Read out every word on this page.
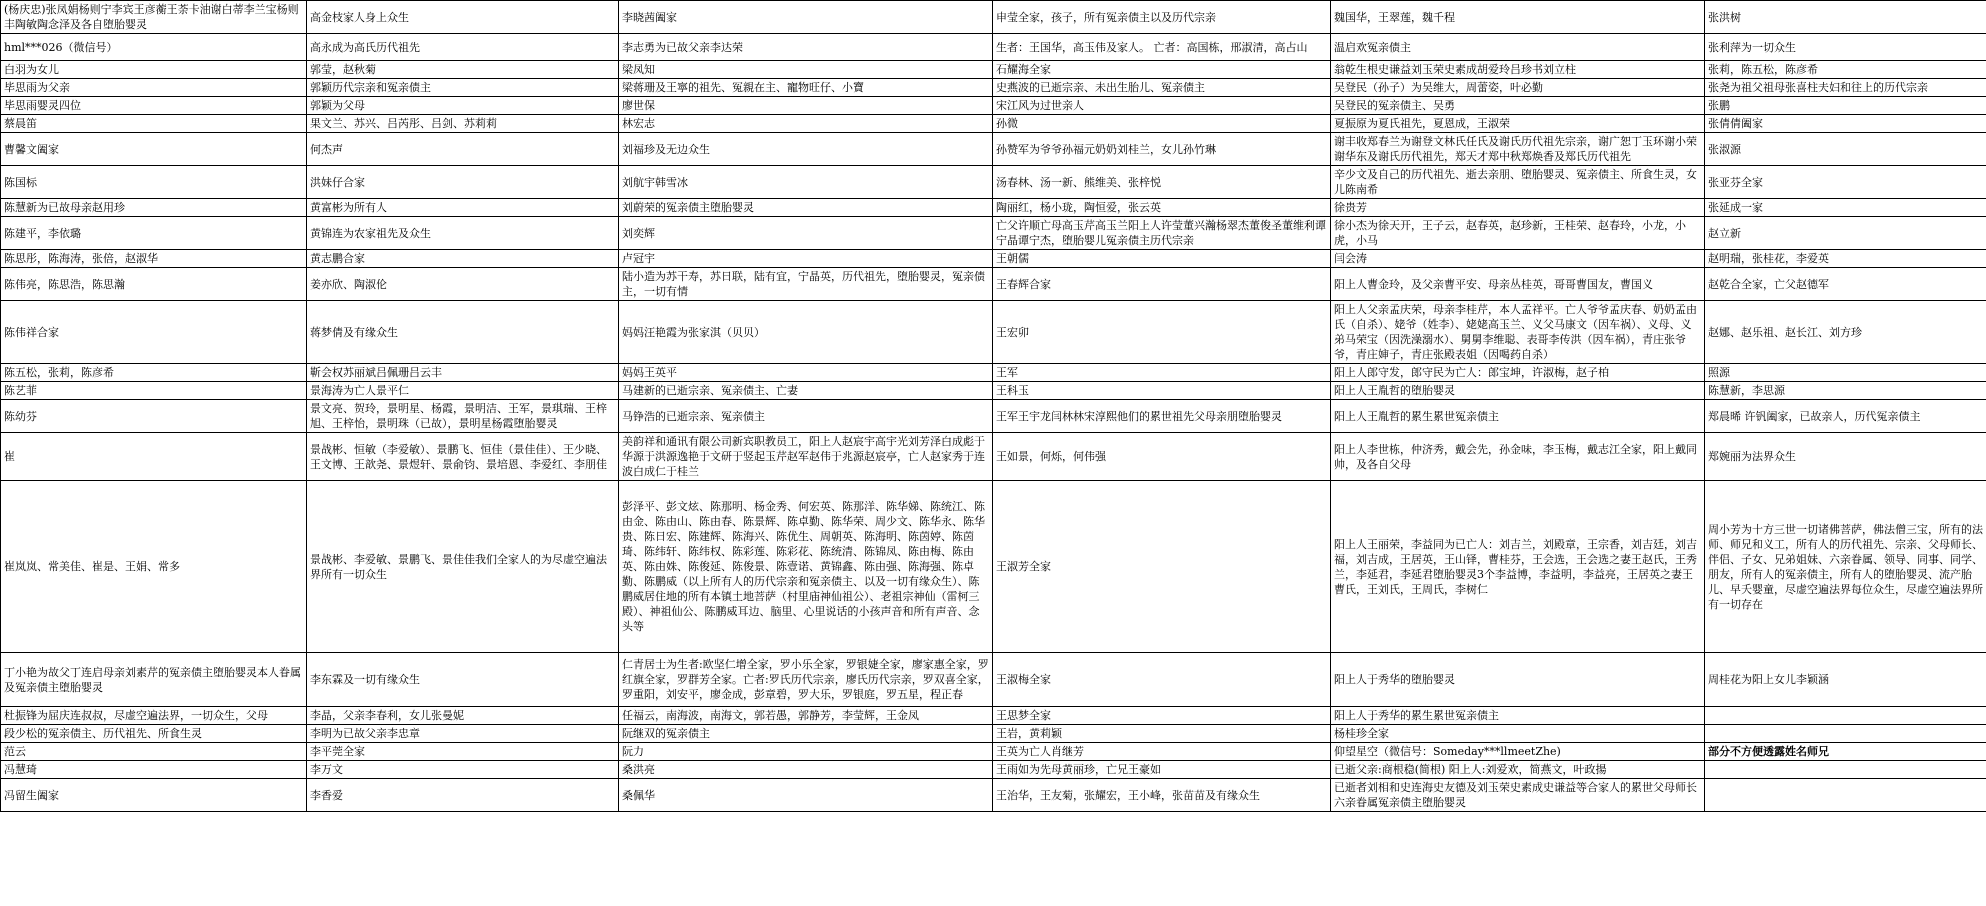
(杨庆忠)张凤娟杨则宁李宾王彦蘅王荼卡油谢白蒂李兰宝杨则丰陶敏陶念泽及各自堕胎婴灵	高金枝家人身上众生	李晓茜阖家	申莹全家，孩子，所有冤亲债主以及历代宗亲	魏国华，王翠莲，魏千程	张洪树
hml***026（微信号）	高永成为高氏历代祖先	李志勇为已故父亲李达荣	生者：王国华，高玉伟及家人。 亡者：高国栋，邢淑清，高占山	温启欢冤亲债主	张利萍为一切众生
白羽为女儿	郭莹，赵秋菊	梁凤知	石耀海全家	翁乾生根史谦益刘玉荣史素成胡爱玲吕珍书刘立柱	张莉，陈五松，陈彦希
毕思雨为父亲	郭颖历代宗亲和冤亲债主	梁蒋珊及王寧的祖先、冤親在主、寵物旺仔、小寶	史燕波的已逝宗亲、未出生胎儿、冤亲债主	吴登民（孙子）为吴维大，周蕾姿，叶必勤	张尧为祖父祖母张喜柱夫妇和往上的历代宗亲
毕思雨婴灵四位	郭颖为父母	廖世保	宋江风为过世亲人	吴登民的冤亲债主、吴勇	张鹏
蔡晨笛	果文兰、苏兴、吕芮彤、吕剑、苏莉莉	林宏志	孙微	夏振原为夏氏祖先，夏恩成，王淑荣	张倩倩阖家
曹馨文阖家	何杰声	刘福珍及无边众生	孙赞军为爷爷孙福元奶奶刘桂兰，女儿孙竹琳	谢丰收郑春兰为谢登文林氏任氏及谢氏历代祖先宗亲，谢广恕丁玉环谢小荣谢华东及谢氏历代祖先，郑天才郑中秋郑焕香及郑氏历代祖先	张淑源
陈国标	洪妹仔合家	刘航宇韩雪冰	汤春林、汤一新、熊维美、张梓悦	辛少文及自己的历代祖先、逝去亲朋、堕胎婴灵、冤亲债主、所食生灵，女儿陈南希	张亚芬全家
陈慧新为已故母亲赵用珍	黄富彬为所有人	刘蔚荣的冤亲债主堕胎婴灵	陶丽红，杨小珑，陶恒爱，张云英	徐贵芳	张延成一家
陈建平，李依璐	黄锦连为农家祖先及众生	刘奕辉	亡父许顺亡母高玉芹高玉兰阳上人许莹董兴瀚杨翠杰董俊圣董维利谭宁晶谭宁杰，堕胎婴儿冤亲债主历代宗亲	徐小杰为徐天开，王子云，赵春英，赵珍新，王桂荣、赵春玲，小龙，小虎，小马	赵立新
陈思彤，陈海涛，张倍，赵淑华	黄志鹏合家	卢冠宇	王朝儒	闫会涛	赵明瑞，张桂花，李爱英
陈伟亮，陈思浩，陈思瀚	姜亦欣、陶淑伦	陆小造为苏干寿，苏日联，陆有宜，宁晶英，历代祖先，堕胎婴灵，冤亲债主，一切有情	王春辉合家	阳上人曹金玲，及父亲曹平安、母亲丛桂英，哥哥曹国友，曹国义	赵乾合全家，亡父赵德军
陈伟祥合家	蒋梦倩及有缘众生	妈妈汪艳霞为张家淇（贝贝）	王宏卯	阳上人父亲孟庆荣，母亲李桂芹，本人孟祥平。亡人爷爷孟庆春、奶奶孟由氏（自杀）、姥爷（姓李）、姥姥高玉兰、义父马康文（因车祸）、义母、义弟马荣宝（因洗澡溺水）、舅舅李维聪、表哥李传洪（因车祸），青庄张爷爷，青庄婶子，青庄张殿表姐（因喝药自杀）	赵娜、赵乐祖、赵长江、刘方珍
陈五松，张莉，陈彦希	靳会权苏丽斌吕佩珊吕云丰	妈妈王英平	王军	阳上人郎守发，郎守民为亡人：郎宝坤，许淑梅，赵子柏	照源
陈艺菲	景海涛为亡人景平仁	马建新的已逝宗亲、冤亲债主、亡妻	王科玉	阳上人王胤哲的堕胎婴灵	陈慧新，李思源
陈幼芬	景文亮、贺玲，景明星、杨霞，景明洁、王军，景琪瑞、王梓旭、王梓怡，景明珠（已故），景明星杨霞堕胎婴灵	马铮浩的已逝宗亲、冤亲债主	王军王宇龙闫林林宋淳熙他们的累世祖先父母亲朋堕胎婴灵	阳上人王胤哲的累生累世冤亲债主	郑晨晞 许钒阖家，已故亲人，历代冤亲债主
崔	景战彬、恒敏（李爱敏）、景鹏飞、恒佳（景佳佳）、王少晓、王文博、王歆尧、景煜轩、景俞钧、景培恩、李爱红、李朋佳	美韵祥和通讯有限公司新宾职教员工，阳上人赵宸宇高宇光刘芳泽白成彪于华源于洪源逸艳于文研于竖起玉芹赵军赵伟于兆源赵宸亭，亡人赵家秀于连波白成仁于桂兰	王如景，何烁，何伟强	阳上人李世栋，仲济秀，戴会先，孙金味，李玉梅，戴志江全家，阳上戴同帅，及各自父母	郑婉丽为法界众生
崔岚岚、常美佳、崔是、王娟、常多	景战彬、李爱敏、景鹏飞、景佳佳我们全家人的为尽虚空遍法界所有一切众生	彭泽平、彭文炫、陈那明、杨金秀、何宏英、陈那洋、陈华娣、陈统江、陈由金、陈由山、陈由春、陈景辉、陈卓勤、陈华荣、周少文、陈华永、陈华贵、陈日宏、陈建辉、陈海兴、陈优生、周朝英、陈海明、陈茵婷、陈茵琦、陈纬轩、陈纬权、陈彩莲、陈彩花、陈统清、陈锦凤、陈由梅、陈由英、陈由姝、陈俊延、陈俊景、陈壹诺、黄锦鑫、陈由强、陈海强、陈卓勤、陈鹏威（以上所有人的历代宗亲和冤亲债主、以及一切有缘众生）、陈鹏威居住地的所有本镇土地菩萨（村里庙神仙祖公）、老祖宗神仙（雷柯三殿）、神祖仙公、陈鹏威耳边、脑里、心里说话的小孩声音和所有声音、念头等	王淑芳全家	阳上人王丽荣，李益同为已亡人：刘吉兰，刘殿章，王宗香，刘吉廷，刘吉福，刘吉成，王居英，王山铎，曹桂芬，王会选，王会选之妻王赵氏，王秀兰，李延君，李延君堕胎婴灵3个李益博，李益明，李益亮，王居英之妻王曹氏，王刘氏，王周氏，李树仁	周小芳为十方三世一切诸佛菩萨，佛法僧三宝，所有的法师、师兄和义工，所有人的历代祖先、宗亲、父母师长、伴侣、子女、兄弟姐妹、六亲眷属、领导、同事、同学、朋友，所有人的冤亲债主，所有人的堕胎婴灵、流产胎儿、早夭婴童，尽虚空遍法界每位众生，尽虚空遍法界所有一切存在
丁小艳为故父丁连启母亲刘素芹的冤亲债主堕胎婴灵本人眷属及冤亲债主堕胎婴灵	李东霖及一切有缘众生	仁青居士为生者:欧坚仁增全家，罗小乐全家，罗银婕全家，廖家惠全家，罗红旗全家，罗群芳全家。亡者:罗氏历代宗亲，廖氏历代宗亲，罗双喜全家，罗重阳，刘安平，廖金成，彭章碧，罗大乐，罗银庭，罗五星，程正春	王淑梅全家	阳上人于秀华的堕胎婴灵	周桂花为阳上女儿李颖涵
杜振锋为屈庆连叔叔，尽虚空遍法界，一切众生，父母	李晶，父亲李春利，女儿张曼妮	任福云，南海波，南海文，郭若愚，郭静芳，李莹辉，王金凤	王思梦全家	阳上人于秀华的累生累世冤亲债主	
段少松的冤亲债主、历代祖先、所食生灵	李明为已故父亲李忠章	阮继双的冤亲债主	王岩，黄莉颖	杨桂珍全家	
范云	李平莞全家	阮力	王英为亡人肖继芳	仰望星空（微信号：Someday***llmeetZhe)	部分不方便透露姓名师兄
冯慧琦	李万文	桑洪亮	王雨如为先母黄丽珍，亡兄王豪如	已逝父亲:商根稳(简根) 阳上人:刘爱欢，简燕文，叶政揚	
冯留生阖家	李香爱	桑佩华	王治华，王友菊，张耀宏，王小峰，张苗苗及有缘众生	已逝者刘相和史连海史友德及刘玉荣史素成史谦益等合家人的累世父母师长六亲眷属冤亲债主堕胎婴灵	
